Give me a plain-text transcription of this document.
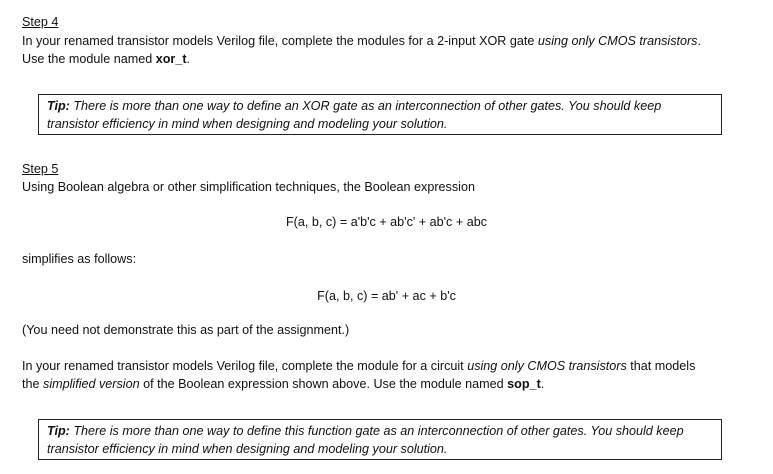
Step 4
In your renamed transistor models Verilog file, complete the modules for a 2-input XOR gate using only CMOS transistors.
Use the module named xor_t.
Tip: There is more than one way to define an XOR gate as an interconnection of other gates. You should keep
transistor efficiency in mind when designing and modeling your solution.
Step 5
Using Boolean algebra or other simplification techniques, the Boolean expression
F(a, b, c) = a'b'c + ab'c' + ab'c + abc
simplifies as follows:
F(a, b, c) = ab' + ac + b'c
(You need not demonstrate this as part of the assignment.)
In your renamed transistor models Verilog file, complete the module for a circuit using only CMOS transistors that models
the simplified version of the Boolean expression shown above. Use the module named sop_t.
Tip: There is more than one way to define this function gate as an interconnection of other gates. You should keep
transistor efficiency in mind when designing and modeling your solution.
